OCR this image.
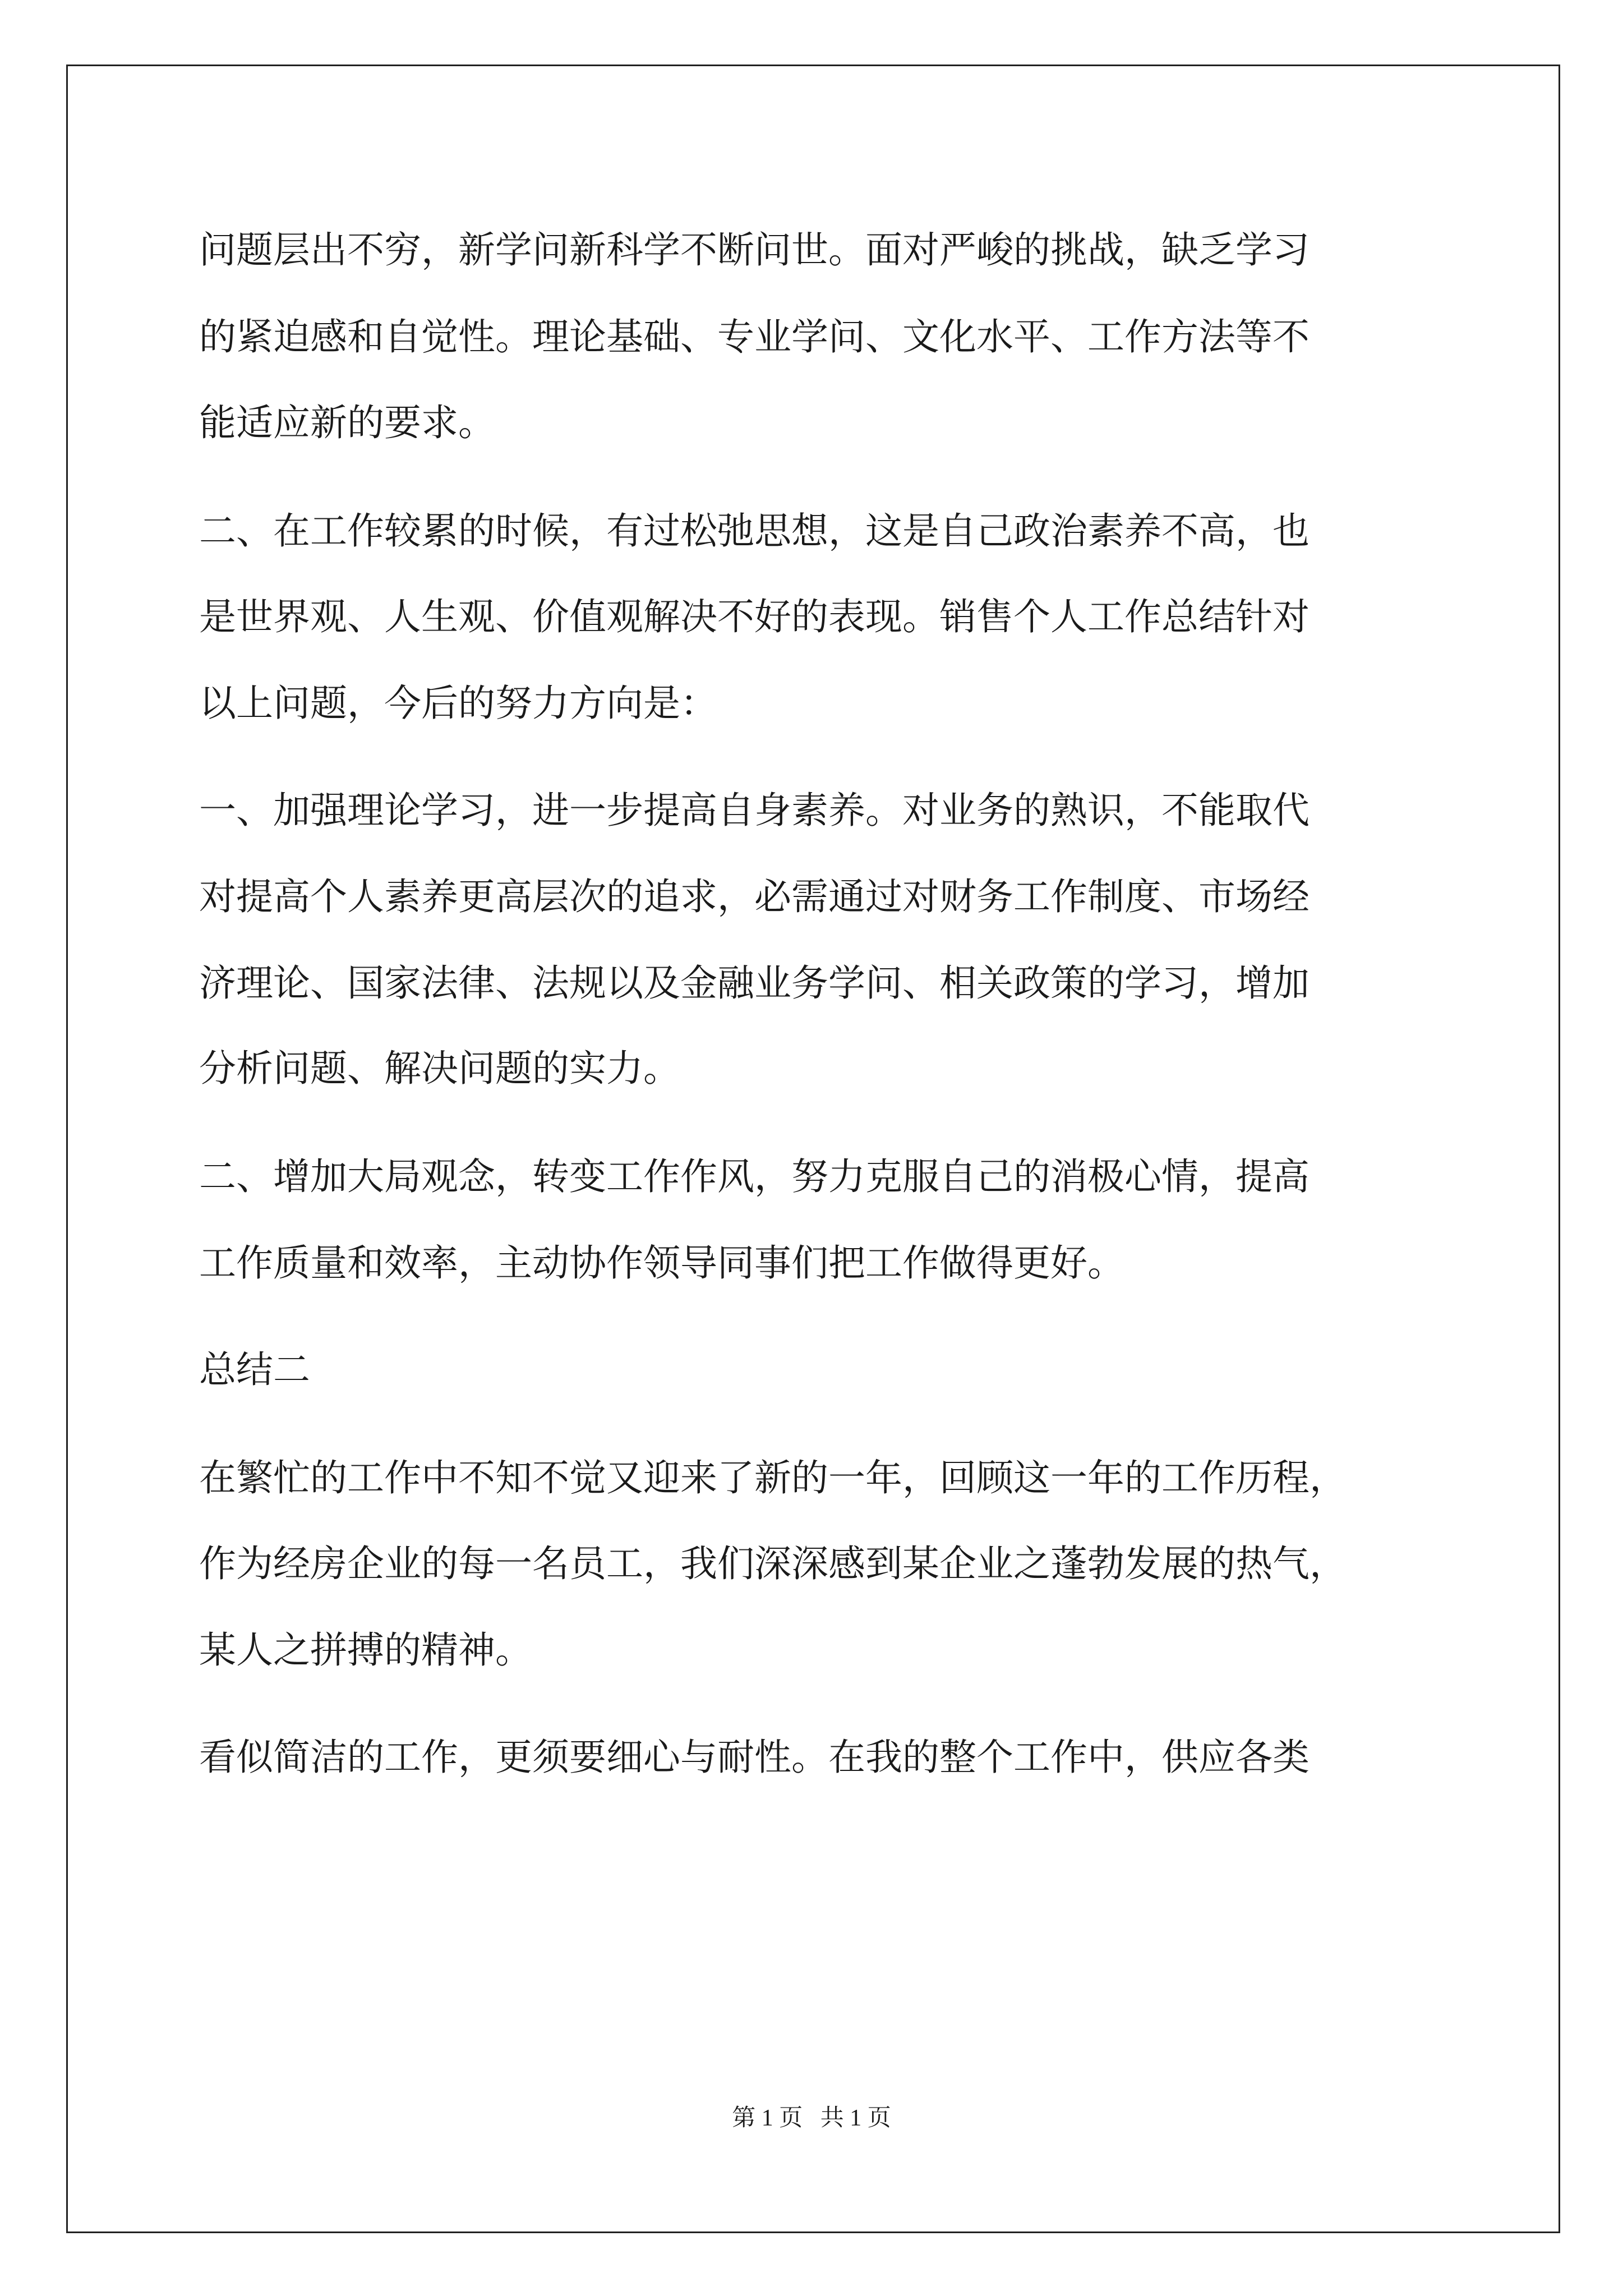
问题层出不穷，新学问新科学不断问世。面对严峻的挑战，缺乏学习
的紧迫感和自觉性。理论基础、专业学问、文化水平、工作方法等不
能适应新的要求。
二、在工作较累的时候，有过松弛思想，这是自己政治素养不高，也
是世界观、人生观、价值观解决不好的表现。销售个人工作总结针对
以上问题，今后的努力方向是：
一、加强理论学习，进一步提高自身素养。对业务的熟识，不能取代
对提高个人素养更高层次的追求，必需通过对财务工作制度、市场经
济理论、国家法律、法规以及金融业务学问、相关政策的学习，增加
分析问题、解决问题的实力。
二、增加大局观念，转变工作作风，努力克服自己的消极心情，提高
工作质量和效率，主动协作领导同事们把工作做得更好。
总结二
在繁忙的工作中不知不觉又迎来了新的一年，回顾这一年的工作历程，
作为经房企业的每一名员工，我们深深感到某企业之蓬勃发展的热气，
某人之拼搏的精神。
看似简洁的工作，更须要细心与耐性。在我的整个工作中，供应各类
第 1 页   共 1 页
